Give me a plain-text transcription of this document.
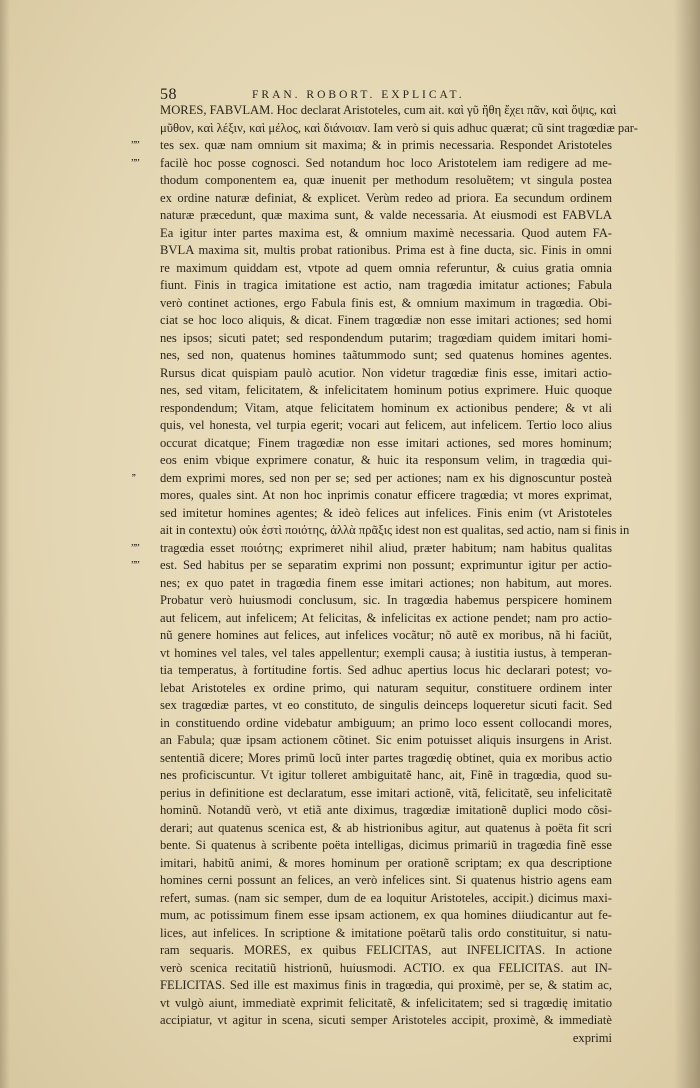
58	FRAN. ROBORT. EXPLICAT.
MORES, FABVLAM. Hoc declarat Aristoteles, cum ait. καὶ γῦ ἤθη ἔχει πᾶν, καὶ ὄψις, καὶ
μῦθον, καὶ λέξιν, καὶ μέλος, καὶ διάνοιαν. Iam verò si quis adhuc quærat; cũ sint tragœdiæ par-
”” tes sex. quæ nam omnium sit maxima; & in primis necessaria. Respondet Aristoteles
”” facilè hoc posse cognosci. Sed notandum hoc loco Aristotelem iam redigere ad me-
thodum componentem ea, quæ inuenit per methodum resoluẽtem; vt singula postea
ex ordine naturæ definiat, & explicet. Verùm redeo ad priora. Ea secundum ordinem
naturæ præcedunt, quæ maxima sunt, & valde necessaria. At eiusmodi est FABVLA
Ea igitur inter partes maxima est, & omnium maximè necessaria. Quod autem FA-
BVLA maxima sit, multis probat rationibus. Prima est à fine ducta, sic. Finis in omni
re maximum quiddam est, vtpote ad quem omnia referuntur, & cuius gratia omnia
fiunt. Finis in tragica imitatione est actio, nam tragœdia imitatur actiones; Fabula
verò continet actiones, ergo Fabula finis est, & omnium maximum in tragœdia. Obi-
ciat se hoc loco aliquis, & dicat. Finem tragœdiæ non esse imitari actiones; sed homi
nes ipsos; sicuti patet; sed respondendum putarim; tragœdiam quidem imitari homi-
nes, sed non, quatenus homines taãtummodo sunt; sed quatenus homines agentes.
Rursus dicat quispiam paulò acutior. Non videtur tragœdiæ finis esse, imitari actio-
nes, sed vitam, felicitatem, & infelicitatem hominum potius exprimere. Huic quoque
respondendum; Vitam, atque felicitatem hominum ex actionibus pendere; & vt ali
quis, vel honesta, vel turpia egerit; vocari aut felicem, aut infelicem. Tertio loco alius
occurat dicatque; Finem tragœdiæ non esse imitari actiones, sed mores hominum;
eos enim vbique exprimere conatur, & huic ita responsum velim, in tragœdia qui-
’’ dem exprimi mores, sed non per se; sed per actiones; nam ex his dignoscuntur posteà
mores, quales sint. At non hoc inprimis conatur efficere tragœdia; vt mores exprimat,
sed imitetur homines agentes; & ideò felices aut infelices. Finis enim (vt Aristoteles
ait in contextu) οὐκ ἐστὶ ποιότης, ἀλλὰ πρᾶξις idest non est qualitas, sed actio, nam si finis in
”” tragœdia esset ποιότης; exprimeret nihil aliud, præter habitum; nam habitus qualitas
”” est. Sed habitus per se separatim exprimi non possunt; exprimuntur igitur per actio-
nes; ex quo patet in tragœdia finem esse imitari actiones; non habitum, aut mores.
Probatur verò huiusmodi conclusum, sic. In tragœdia habemus perspicere hominem
aut felicem, aut infelicem; At felicitas, & infelicitas ex actione pendet; nam pro actio-
nũ genere homines aut felices, aut infelices vocãtur; nõ autẽ ex moribus, nã hi faciũt,
vt homines vel tales, vel tales appellentur; exempli causa; à iustitia iustus, à temperan-
tia temperatus, à fortitudine fortis. Sed adhuc apertius locus hic declarari potest; vo-
lebat Aristoteles ex ordine primo, qui naturam sequitur, constituere ordinem inter
sex tragœdiæ partes, vt eo constituto, de singulis deinceps loqueretur sicuti facit. Sed
in constituendo ordine videbatur ambiguum; an primo loco essent collocandi mores,
an Fabula; quæ ipsam actionem cõtinet. Sic enim potuisset aliquis insurgens in Arist.
sententiã dicere; Mores primũ locũ inter partes tragœdię obtinet, quia ex moribus actio
nes proficiscuntur. Vt igitur tolleret ambiguitatẽ hanc, ait, Finẽ in tragœdia, quod su-
perius in definitione est declaratum, esse imitari actionẽ, vitã, felicitatẽ, seu infelicitatẽ
hominũ. Notandũ verò, vt etiã ante diximus, tragœdiæ imitationẽ duplici modo cõsi-
derari; aut quatenus scenica est, & ab histrionibus agitur, aut quatenus à poëta fit scri
bente. Si quatenus à scribente poëta intelligas, dicimus primariũ in tragœdia finẽ esse
imitari, habitũ animi, & mores hominum per orationẽ scriptam; ex qua descriptione
homines cerni possunt an felices, an verò infelices sint. Si quatenus histrio agens eam
refert, sumas. (nam sic semper, dum de ea loquitur Aristoteles, accipit.) dicimus maxi-
mum, ac potissimum finem esse ipsam actionem, ex qua homines diiudicantur aut fe-
lices, aut infelices. In scriptione & imitatione poëtarũ talis ordo constituitur, si natu-
ram sequaris. MORES, ex quibus FELICITAS, aut INFELICITAS. In actione
verò scenica recitatiũ histrionũ, huiusmodi. ACTIO. ex qua FELICITAS. aut IN-
FELICITAS. Sed ille est maximus finis in tragœdia, qui proximè, per se, & statim ac,
vt vulgò aiunt, immediatè exprimit felicitatẽ, & infelicitatem; sed si tragœdię imitatio
accipiatur, vt agitur in scena, sicuti semper Aristoteles accipit, proximè, & immediatè
exprimi
